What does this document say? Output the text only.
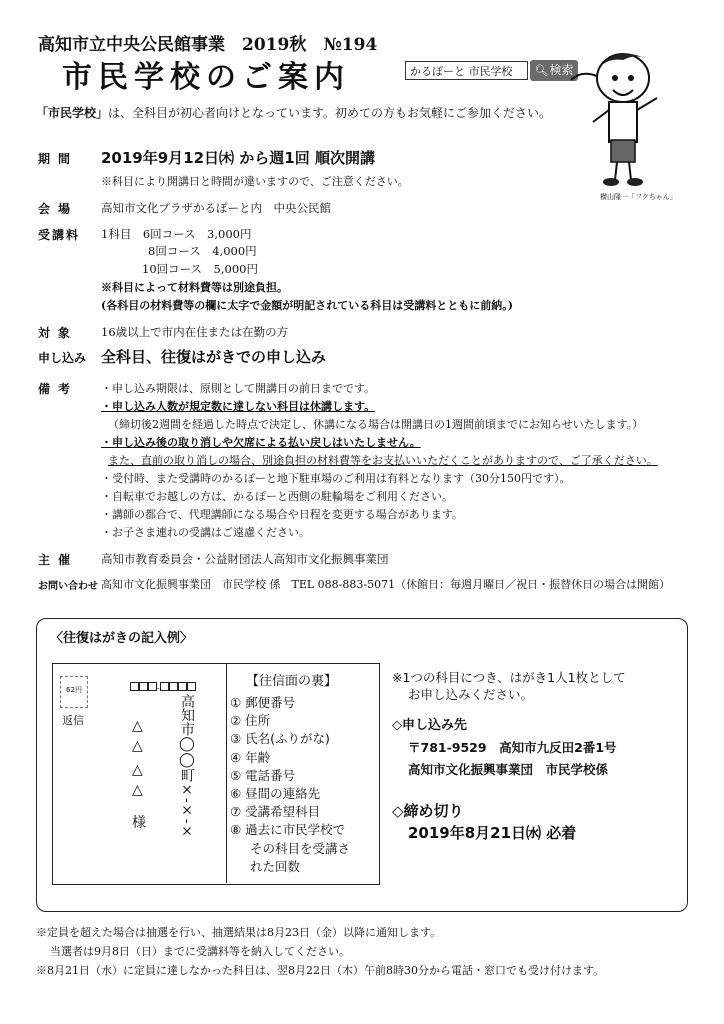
高知市立中央公民館事業　2019秋　№194
市民学校のご案内	かるぽーと 市民学校	🔍︎検索
横山隆一「フクちゃん」
「市民学校」は、全科目が初心者向けとなっています。初めての方もお気軽にご参加ください。
期間 2019年9月12日㈭ から週1回 順次開講
※科目により開講日と時間が違いますので、ご注意ください。
会場 高知市文化プラザかるぽーと内　中央公民館
受講料 1科目　6回コース　3,000円
8回コース　4,000円
10回コース　5,000円
※科目によって材料費等は別途負担。
(各科目の材料費等の欄に太字で金額が明記されている科目は受講料とともに前納。)
対象 16歳以上で市内在住または在勤の方
申し込み 全科目、往復はがきでの申し込み
備考 ・申し込み期限は、原則として開講日の前日までです。
・申し込み人数が規定数に達しない科目は休講します。
（締切後2週間を経過した時点で決定し、休講になる場合は開講日の1週間前頃までにお知らせいたします。）
・申し込み後の取り消しや欠席による払い戻しはいたしません。
また、直前の取り消しの場合、別途負担の材料費等をお支払いいただくことがありますので、ご了承ください。
・受付時、また受講時のかるぽーと地下駐車場のご利用は有料となります（30分150円です）。
・自転車でお越しの方は、かるぽーと西側の駐輪場をご利用ください。
・講師の都合で、代理講師になる場合や日程を変更する場合があります。
・お子さま連れの受講はご遠慮ください。
主催 高知市教育委員会・公益財団法人高知市文化振興事業団
お問い合わせ 高知市文化振興事業団　市民学校 係　TEL 088-883-5071（休館日：毎週月曜日／祝日・振替休日の場合は開館）
〈往復はがきの記入例〉
62円
返信
-
高知市◯◯町×-×-×
△
△
△
△
様
【往信面の裏】
① 郵便番号
② 住所
③ 氏名(ふりがな)
④ 年齢
⑤ 電話番号
⑥ 昼間の連絡先
⑦ 受講希望科目
⑧ 過去に市民学校で
その科目を受講さ
れた回数
※1つの科目につき、はがき1人1枚として
お申し込みください。
◇申し込み先
〒781-9529　高知市九反田2番1号
高知市文化振興事業団　市民学校係
◇締め切り
2019年8月21日㈬ 必着
※定員を超えた場合は抽選を行い、抽選結果は8月23日（金）以降に通知します。
当選者は9月8日（日）までに受講料等を納入してください。
※8月21日（水）に定員に達しなかった科目は、翌8月22日（木）午前8時30分から電話・窓口でも受け付けます。
